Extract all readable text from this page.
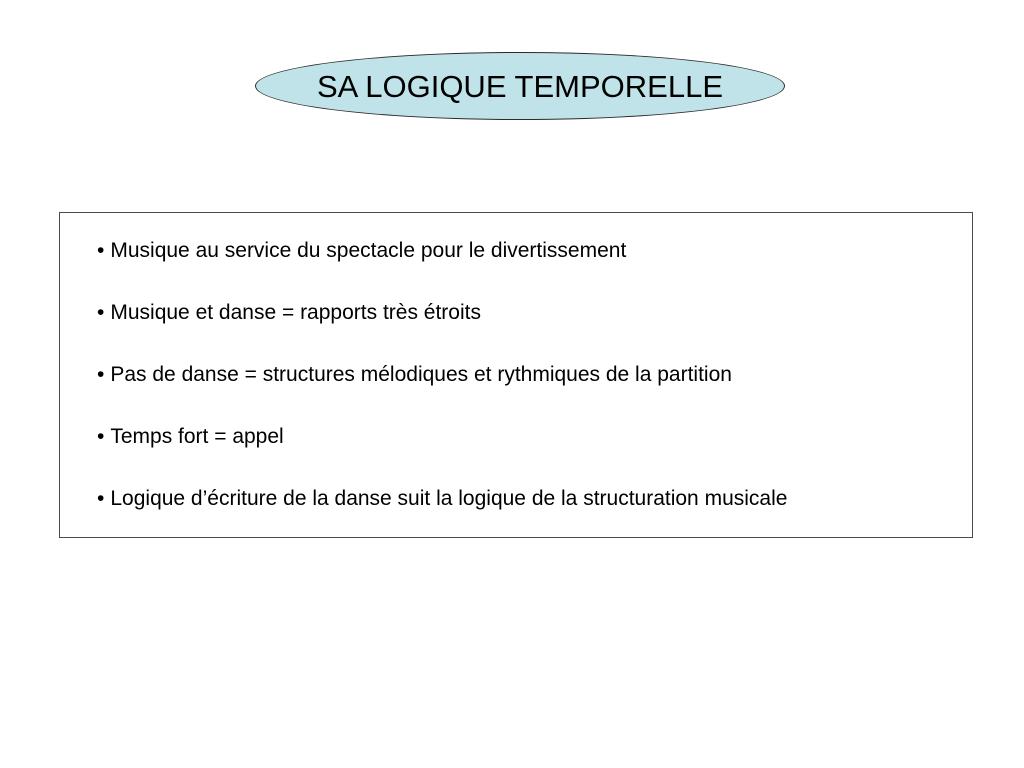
SA LOGIQUE TEMPORELLE
• Musique au service du spectacle pour le divertissement
• Musique et danse = rapports très étroits
• Pas de danse = structures mélodiques et rythmiques de la partition
• Temps fort = appel
• Logique d’écriture de la danse suit la logique de la structuration musicale
